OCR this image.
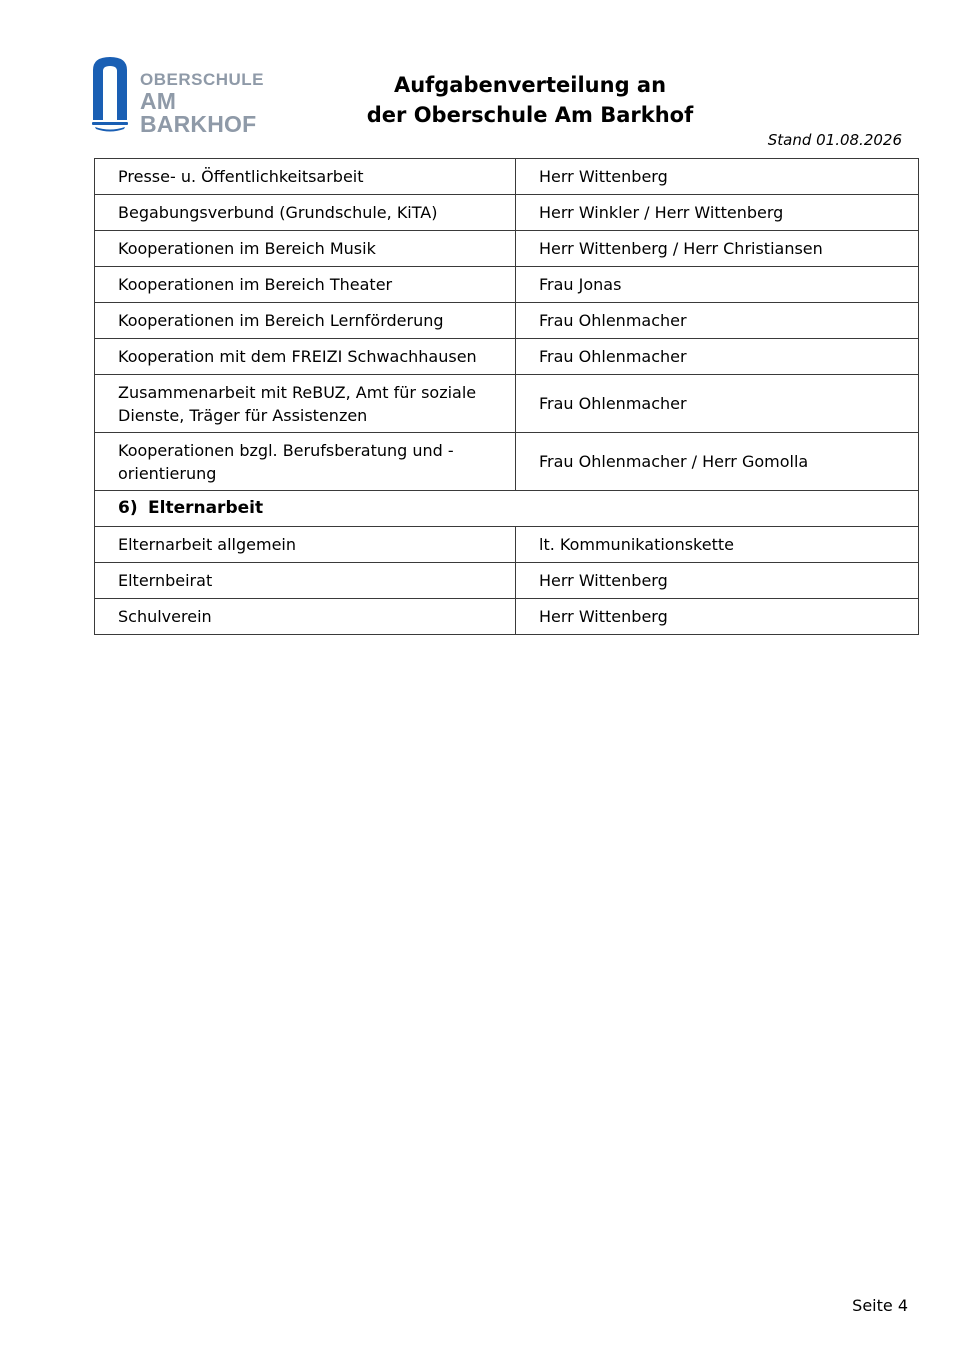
OBERSCHULE
AM BARKHOF
Aufgabenverteilung an
der Oberschule Am Barkhof
Stand 01.08.2026
Presse- u. Öffentlichkeitsarbeit	Herr Wittenberg
Begabungsverbund (Grundschule, KiTA)	Herr Winkler / Herr Wittenberg
Kooperationen im Bereich Musik	Herr Wittenberg / Herr Christiansen
Kooperationen im Bereich Theater	Frau Jonas
Kooperationen im Bereich Lernförderung	Frau Ohlenmacher
Kooperation mit dem FREIZI Schwachhausen	Frau Ohlenmacher

Zusammenarbeit mit ReBUZ, Amt für soziale
Dienste, Träger für Assistenzen	Frau Ohlenmacher

Kooperationen bzgl. Berufsberatung und -
orientierung	Frau Ohlenmacher / Herr Gomolla
6) Elternarbeit	
Elternarbeit allgemein	lt. Kommunikationskette
Elternbeirat	Herr Wittenberg
Schulverein	Herr Wittenberg
Seite 4
